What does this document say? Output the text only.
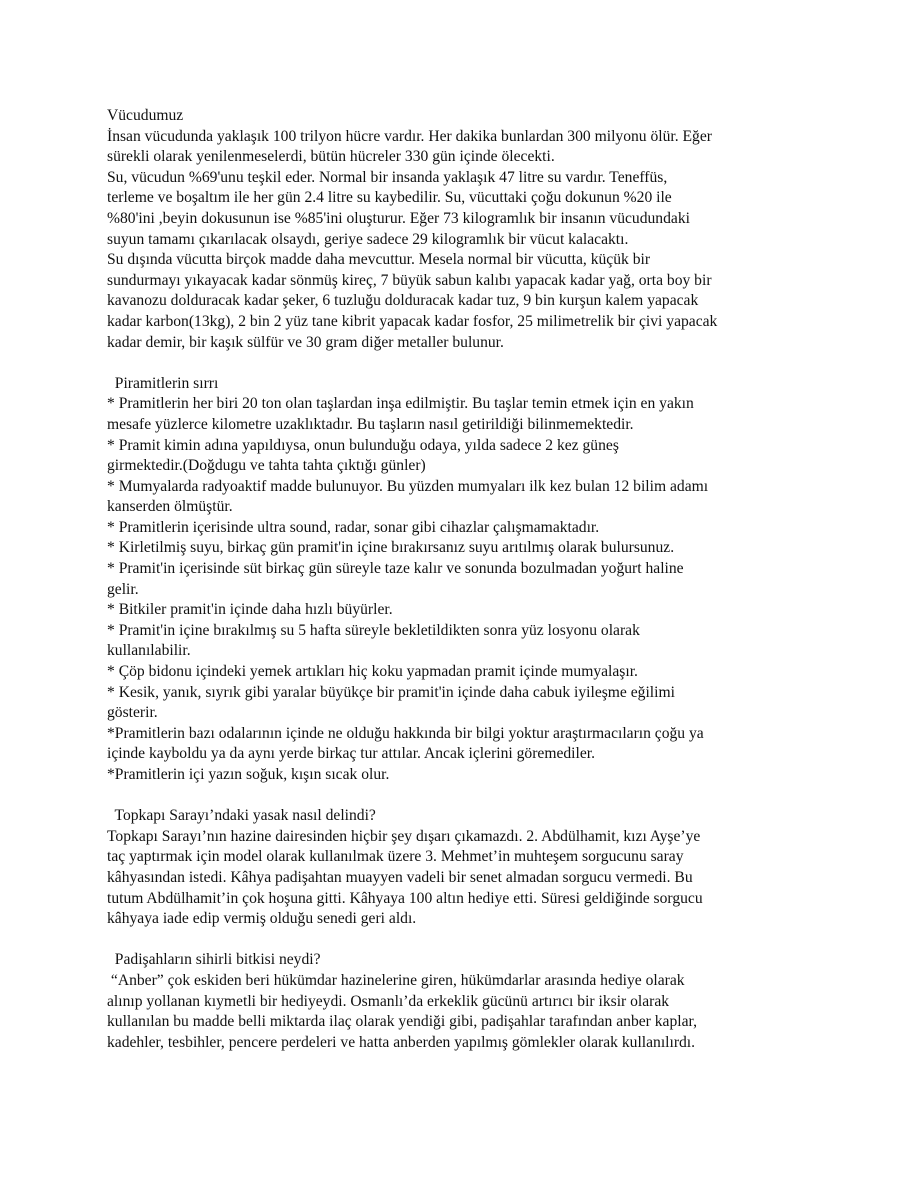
Vücudumuz
İnsan vücudunda yaklaşık 100 trilyon hücre vardır. Her dakika bunlardan 300 milyonu ölür. Eğer
sürekli olarak yenilenmeselerdi, bütün hücreler 330 gün içinde ölecekti.
Su, vücudun %69'unu teşkil eder. Normal bir insanda yaklaşık 47 litre su vardır. Teneffüs,
terleme ve boşaltım ile her gün 2.4 litre su kaybedilir. Su, vücuttaki çoğu dokunun %20 ile
%80'ini ,beyin dokusunun ise %85'ini oluşturur. Eğer 73 kilogramlık bir insanın vücudundaki
suyun tamamı çıkarılacak olsaydı, geriye sadece 29 kilogramlık bir vücut kalacaktı.
Su dışında vücutta birçok madde daha mevcuttur. Mesela normal bir vücutta, küçük bir
sundurmayı yıkayacak kadar sönmüş kireç, 7 büyük sabun kalıbı yapacak kadar yağ, orta boy bir
kavanozu dolduracak kadar şeker, 6 tuzluğu dolduracak kadar tuz, 9 bin kurşun kalem yapacak
kadar karbon(13kg), 2 bin 2 yüz tane kibrit yapacak kadar fosfor, 25 milimetrelik bir çivi yapacak
kadar demir, bir kaşık sülfür ve 30 gram diğer metaller bulunur.
Piramitlerin sırrı
* Pramitlerin her biri 20 ton olan taşlardan inşa edilmiştir. Bu taşlar temin etmek için en yakın
mesafe yüzlerce kilometre uzaklıktadır. Bu taşların nasıl getirildiği bilinmemektedir.
* Pramit kimin adına yapıldıysa, onun bulunduğu odaya, yılda sadece 2 kez güneş
girmektedir.(Doğdugu ve tahta tahta çıktığı günler)
* Mumyalarda radyoaktif madde bulunuyor. Bu yüzden mumyaları ilk kez bulan 12 bilim adamı
kanserden ölmüştür.
* Pramitlerin içerisinde ultra sound, radar, sonar gibi cihazlar çalışmamaktadır.
* Kirletilmiş suyu, birkaç gün pramit'in içine bırakırsanız suyu arıtılmış olarak bulursunuz.
* Pramit'in içerisinde süt birkaç gün süreyle taze kalır ve sonunda bozulmadan yoğurt haline
gelir.
* Bitkiler pramit'in içinde daha hızlı büyürler.
* Pramit'in içine bırakılmış su 5 hafta süreyle bekletildikten sonra yüz losyonu olarak
kullanılabilir.
* Çöp bidonu içindeki yemek artıkları hiç koku yapmadan pramit içinde mumyalaşır.
* Kesik, yanık, sıyrık gibi yaralar büyükçe bir pramit'in içinde daha cabuk iyileşme eğilimi
gösterir.
*Pramitlerin bazı odalarının içinde ne olduğu hakkında bir bilgi yoktur araştırmacıların çoğu ya
içinde kayboldu ya da aynı yerde birkaç tur attılar. Ancak içlerini göremediler.
*Pramitlerin içi yazın soğuk, kışın sıcak olur.
Topkapı Sarayı’ndaki yasak nasıl delindi?
Topkapı Sarayı’nın hazine dairesinden hiçbir şey dışarı çıkamazdı. 2. Abdülhamit, kızı Ayşe’ye
taç yaptırmak için model olarak kullanılmak üzere 3. Mehmet’in muhteşem sorgucunu saray
kâhyasından istedi. Kâhya padişahtan muayyen vadeli bir senet almadan sorgucu vermedi. Bu
tutum Abdülhamit’in çok hoşuna gitti. Kâhyaya 100 altın hediye etti. Süresi geldiğinde sorgucu
kâhyaya iade edip vermiş olduğu senedi geri aldı.
Padişahların sihirli bitkisi neydi?
“Anber” çok eskiden beri hükümdar hazinelerine giren, hükümdarlar arasında hediye olarak
alınıp yollanan kıymetli bir hediyeydi. Osmanlı’da erkeklik gücünü artırıcı bir iksir olarak
kullanılan bu madde belli miktarda ilaç olarak yendiği gibi, padişahlar tarafından anber kaplar,
kadehler, tesbihler, pencere perdeleri ve hatta anberden yapılmış gömlekler olarak kullanılırdı.
